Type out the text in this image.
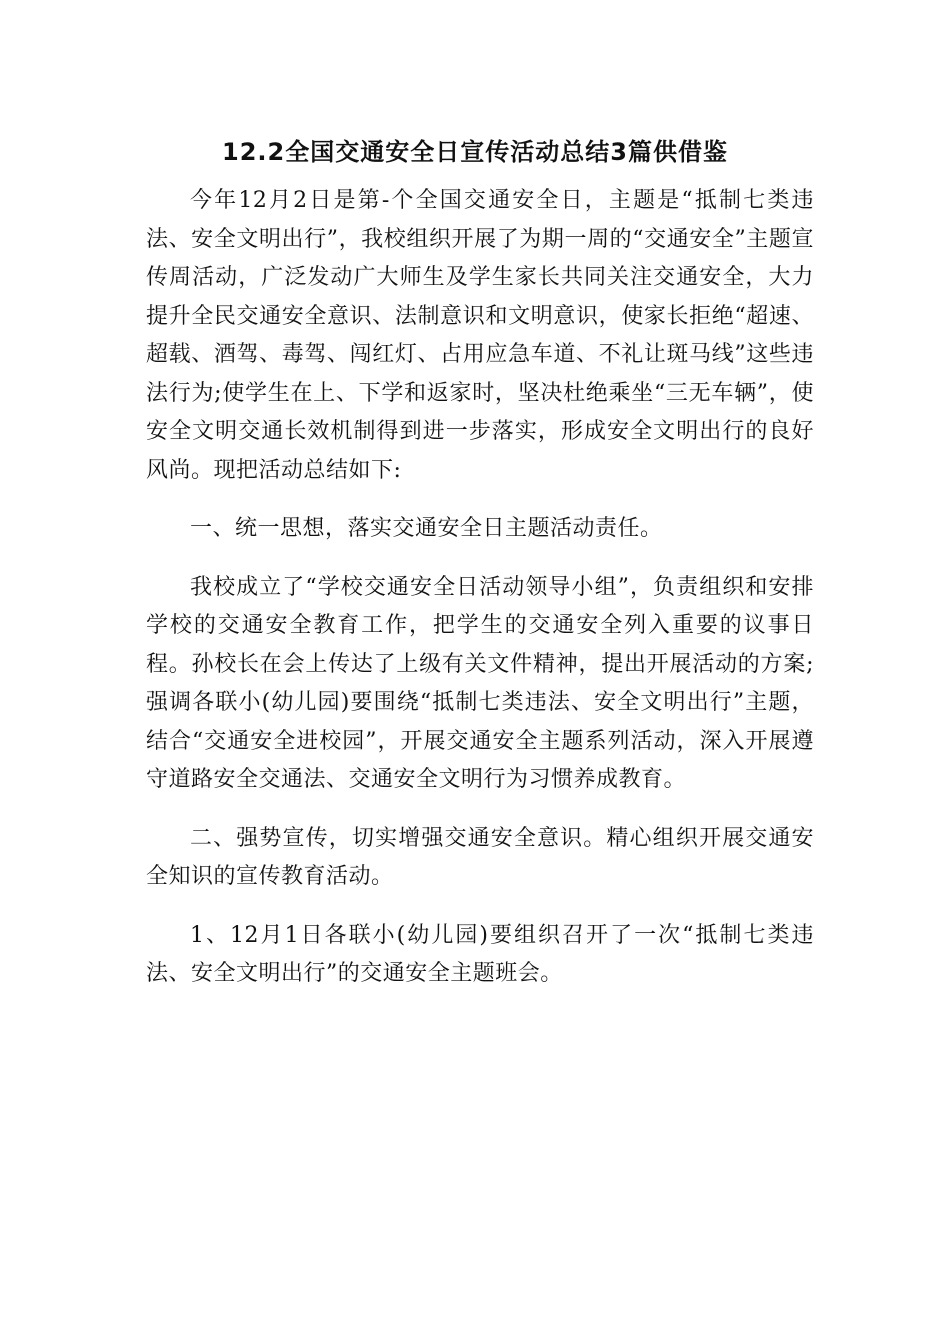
12.2全国交通安全日宣传活动总结3篇供借鉴

今年12月2日是第-个全国交通安全日，主题是“抵制七类违法、安全文明出行”，我校组织开展了为期一周的“交通安全”主题宣传周活动，广泛发动广大师生及学生家长共同关注交通安全，大力提升全民交通安全意识、法制意识和文明意识，使家长拒绝“超速、超载、酒驾、毒驾、闯红灯、占用应急车道、不礼让斑马线”这些违法行为;使学生在上、下学和返家时，坚决杜绝乘坐“三无车辆”，使安全文明交通长效机制得到进一步落实，形成安全文明出行的良好风尚。现把活动总结如下:

一、统一思想，落实交通安全日主题活动责任。

我校成立了“学校交通安全日活动领导小组”，负责组织和安排学校的交通安全教育工作，把学生的交通安全列入重要的议事日程。孙校长在会上传达了上级有关文件精神，提出开展活动的方案;强调各联小(幼儿园)要围绕“抵制七类违法、安全文明出行”主题，结合“交通安全进校园”，开展交通安全主题系列活动，深入开展遵守道路安全交通法、交通安全文明行为习惯养成教育。

二、强势宣传，切实增强交通安全意识。精心组织开展交通安全知识的宣传教育活动。

1、12月1日各联小(幼儿园)要组织召开了一次“抵制七类违法、安全文明出行”的交通安全主题班会。
